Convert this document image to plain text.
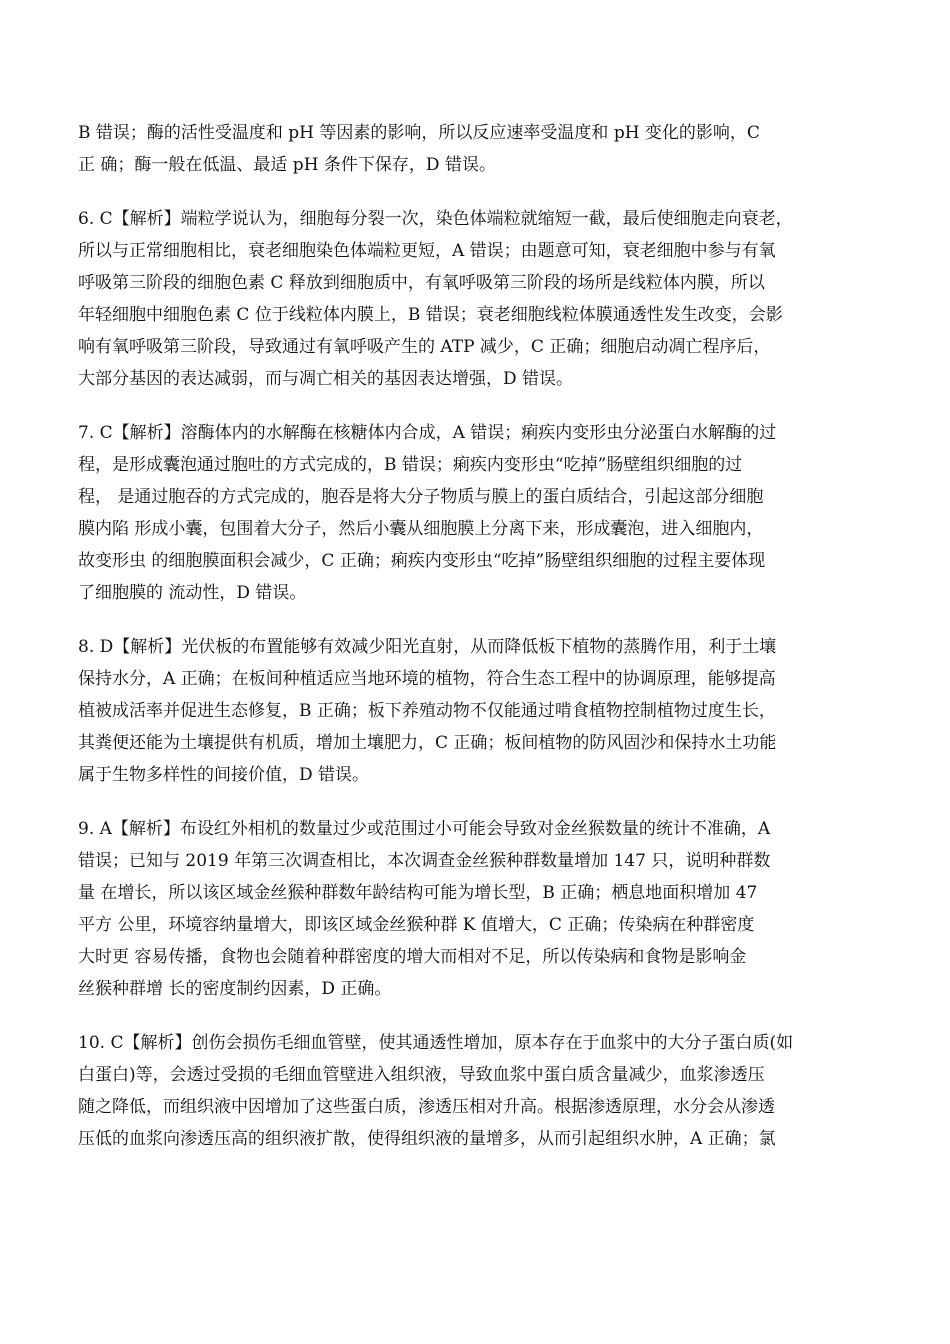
B 错误；酶的活性受温度和 pH 等因素的影响，所以反应速率受温度和 pH 变化的影响，C
正 确；酶一般在低温、最适 pH 条件下保存，D 错误。
6. C【解析】端粒学说认为，细胞每分裂一次，染色体端粒就缩短一截，最后使细胞走向衰老，
所以与正常细胞相比，衰老细胞染色体端粒更短，A 错误；由题意可知，衰老细胞中参与有氧
呼吸第三阶段的细胞色素 C 释放到细胞质中，有氧呼吸第三阶段的场所是线粒体内膜，所以
年轻细胞中细胞色素 C 位于线粒体内膜上，B 错误；衰老细胞线粒体膜通透性发生改变，会影
响有氧呼吸第三阶段，导致通过有氧呼吸产生的 ATP 减少，C 正确；细胞启动凋亡程序后，
大部分基因的表达减弱，而与凋亡相关的基因表达增强，D 错误。
7. C【解析】溶酶体内的水解酶在核糖体内合成，A 错误；痢疾内变形虫分泌蛋白水解酶的过
程，是形成囊泡通过胞吐的方式完成的，B 错误；痢疾内变形虫“吃掉”肠壁组织细胞的过
程， 是通过胞吞的方式完成的，胞吞是将大分子物质与膜上的蛋白质结合，引起这部分细胞
膜内陷 形成小囊，包围着大分子，然后小囊从细胞膜上分离下来，形成囊泡，进入细胞内，
故变形虫 的细胞膜面积会减少，C 正确；痢疾内变形虫“吃掉”肠壁组织细胞的过程主要体现
了细胞膜的 流动性，D 错误。
8. D【解析】光伏板的布置能够有效减少阳光直射，从而降低板下植物的蒸腾作用，利于土壤
保持水分，A 正确；在板间种植适应当地环境的植物，符合生态工程中的协调原理，能够提高
植被成活率并促进生态修复，B 正确；板下养殖动物不仅能通过啃食植物控制植物过度生长，
其粪便还能为土壤提供有机质，增加土壤肥力，C 正确；板间植物的防风固沙和保持水土功能
属于生物多样性的间接价值，D 错误。
9. A【解析】布设红外相机的数量过少或范围过小可能会导致对金丝猴数量的统计不准确，A
错误；已知与 2019 年第三次调查相比，本次调查金丝猴种群数量增加 147 只，说明种群数
量 在增长，所以该区域金丝猴种群数年龄结构可能为增长型，B 正确；栖息地面积增加 47
平方 公里，环境容纳量增大，即该区域金丝猴种群 K 值增大，C 正确；传染病在种群密度
大时更 容易传播，食物也会随着种群密度的增大而相对不足，所以传染病和食物是影响金
丝猴种群增 长的密度制约因素，D 正确。
10. C【解析】创伤会损伤毛细血管壁，使其通透性增加，原本存在于血浆中的大分子蛋白质(如
白蛋白)等，会透过受损的毛细血管壁进入组织液，导致血浆中蛋白质含量减少，血浆渗透压
随之降低，而组织液中因增加了这些蛋白质，渗透压相对升高。根据渗透原理，水分会从渗透
压低的血浆向渗透压高的组织液扩散，使得组织液的量增多，从而引起组织水肿，A 正确；氯
